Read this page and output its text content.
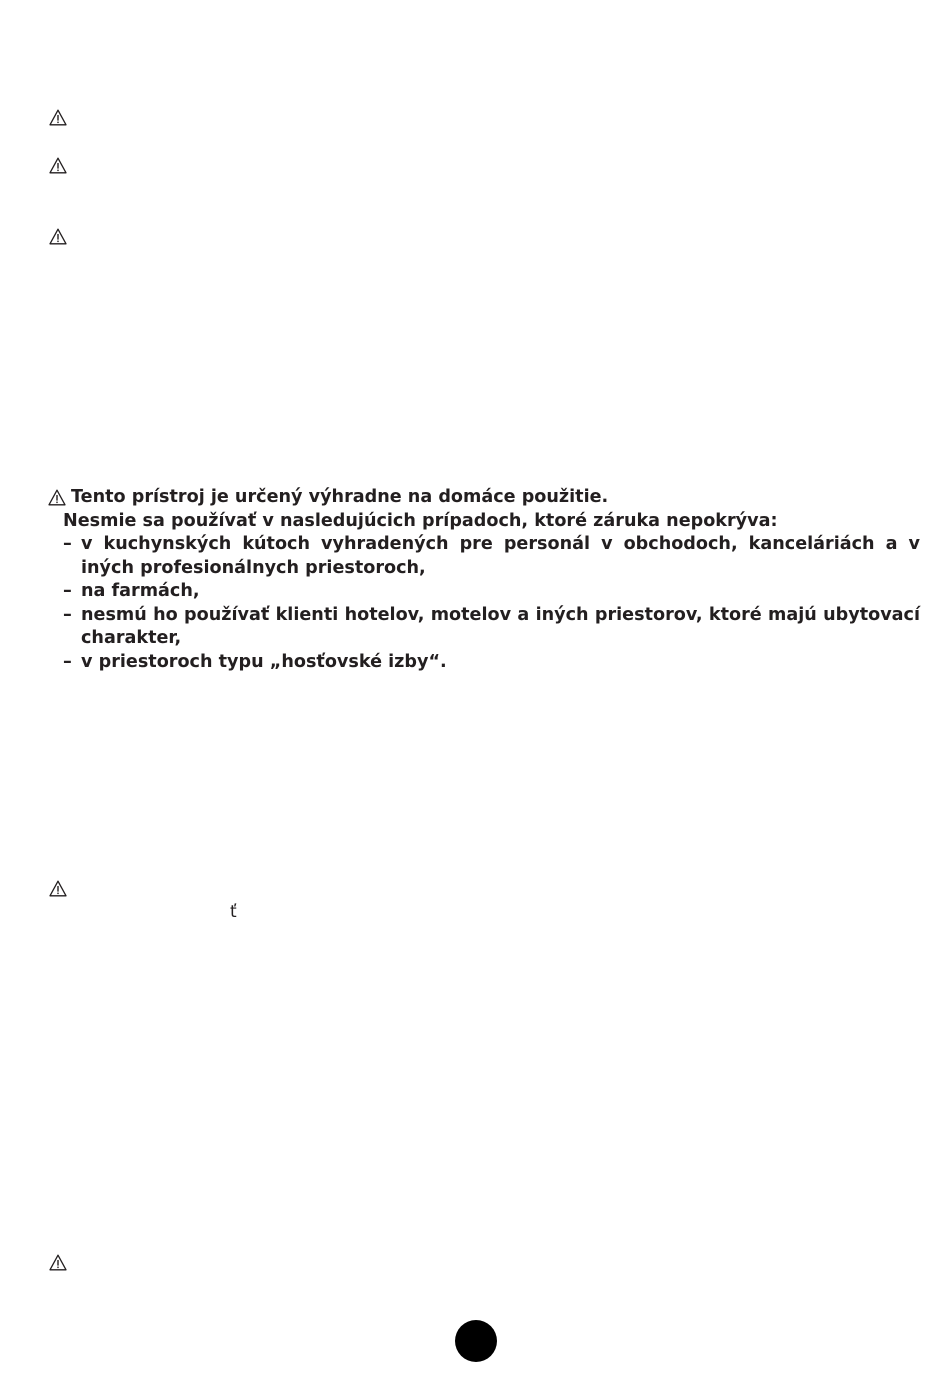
Tento prístroj je určený výhradne na domáce použitie.
Nesmie sa používať v nasledujúcich prípadoch, ktoré záruka nepokrýva:
– v kuchynských kútoch vyhradených pre personál v obchodoch, kanceláriách a v iných profesionálnych priestoroch,
– na farmách,
– nesmú ho používať klienti hotelov, motelov a iných priestorov, ktoré majú ubytovací charakter,
– v priestoroch typu „hosťovské izby“.
ť
